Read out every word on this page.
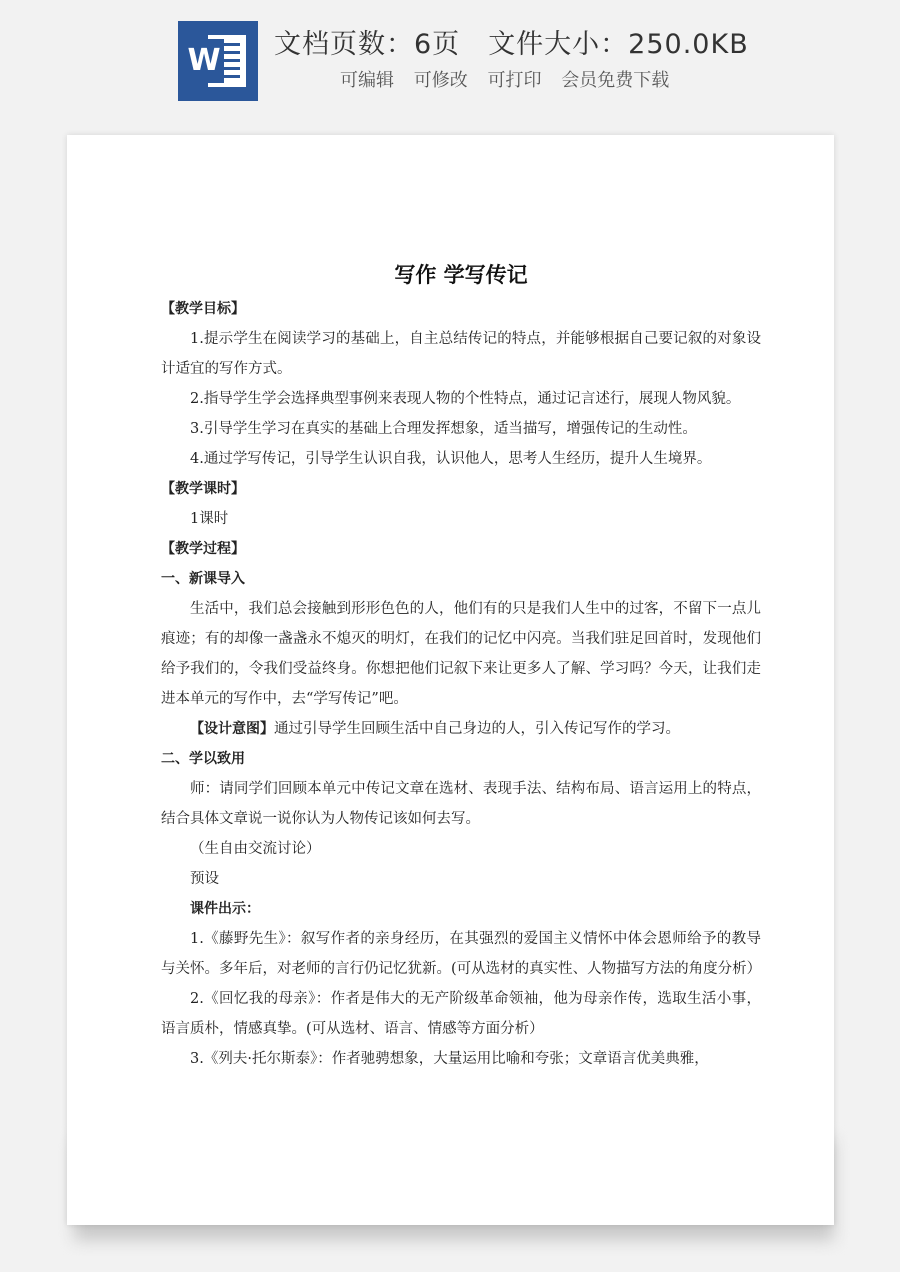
W 文档页数：6页 文件大小：250.0KB
可编辑 可修改 可打印 会员免费下载
写作 学写传记

【教学目标】

1.提示学生在阅读学习的基础上，自主总结传记的特点，并能够根据自己要记叙的对象设计适宜的写作方式。

2.指导学生学会选择典型事例来表现人物的个性特点，通过记言述行，展现人物风貌。

3.引导学生学习在真实的基础上合理发挥想象，适当描写，增强传记的生动性。

4.通过学写传记，引导学生认识自我，认识他人，思考人生经历，提升人生境界。

【教学课时】

1课时

【教学过程】

一、新课导入

生活中，我们总会接触到形形色色的人，他们有的只是我们人生中的过客，不留下一点儿痕迹；有的却像一盏盏永不熄灭的明灯，在我们的记忆中闪亮。当我们驻足回首时，发现他们给予我们的，令我们受益终身。你想把他们记叙下来让更多人了解、学习吗？今天，让我们走进本单元的写作中，去“学写传记”吧。

【设计意图】通过引导学生回顾生活中自己身边的人，引入传记写作的学习。

二、学以致用

师：请同学们回顾本单元中传记文章在选材、表现手法、结构布局、语言运用上的特点，结合具体文章说一说你认为人物传记该如何去写。

（生自由交流讨论）

预设

课件出示：

1.《藤野先生》：叙写作者的亲身经历，在其强烈的爱国主义情怀中体会恩师给予的教导与关怀。多年后，对老师的言行仍记忆犹新。(可从选材的真实性、人物描写方法的角度分析）

2.《回忆我的母亲》：作者是伟大的无产阶级革命领袖，他为母亲作传，选取生活小事，语言质朴，情感真挚。(可从选材、语言、情感等方面分析）

3.《列夫·托尔斯泰》：作者驰骋想象，大量运用比喻和夸张；文章语言优美典雅，
